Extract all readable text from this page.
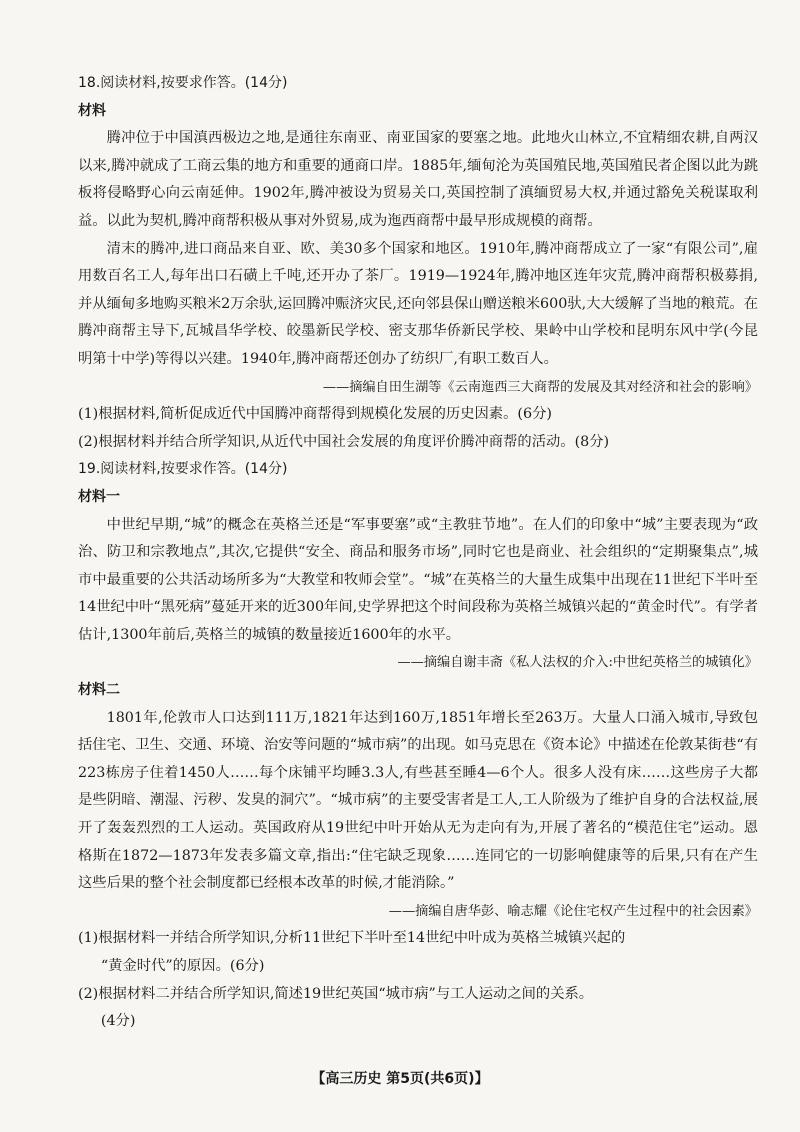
18.阅读材料,按要求作答。(14分)

材料

腾冲位于中国滇西极边之地,是通往东南亚、南亚国家的要塞之地。此地火山林立,不宜精细农耕,自两汉以来,腾冲就成了工商云集的地方和重要的通商口岸。1885年,缅甸沦为英国殖民地,英国殖民者企图以此为跳板将侵略野心向云南延伸。1902年,腾冲被设为贸易关口,英国控制了滇缅贸易大权,并通过豁免关税谋取利益。以此为契机,腾冲商帮积极从事对外贸易,成为迤西商帮中最早形成规模的商帮。

清末的腾冲,进口商品来自亚、欧、美30多个国家和地区。1910年,腾冲商帮成立了一家“有限公司”,雇用数百名工人,每年出口石磺上千吨,还开办了茶厂。1919—1924年,腾冲地区连年灾荒,腾冲商帮积极募捐,并从缅甸多地购买粮米2万余驮,运回腾冲赈济灾民,还向邻县保山赠送粮米600驮,大大缓解了当地的粮荒。在腾冲商帮主导下,瓦城昌华学校、皎墨新民学校、密支那华侨新民学校、果岭中山学校和昆明东风中学(今昆明第十中学)等得以兴建。1940年,腾冲商帮还创办了纺织厂,有职工数百人。

——摘编自田生湖等《云南迤西三大商帮的发展及其对经济和社会的影响》

(1)根据材料,简析促成近代中国腾冲商帮得到规模化发展的历史因素。(6分)

(2)根据材料并结合所学知识,从近代中国社会发展的角度评价腾冲商帮的活动。(8分)

19.阅读材料,按要求作答。(14分)

材料一

中世纪早期,“城”的概念在英格兰还是“军事要塞”或“主教驻节地”。在人们的印象中“城”主要表现为“政治、防卫和宗教地点”,其次,它提供“安全、商品和服务市场”,同时它也是商业、社会组织的“定期聚集点”,城市中最重要的公共活动场所多为“大教堂和牧师会堂”。“城”在英格兰的大量生成集中出现在11世纪下半叶至14世纪中叶“黑死病”蔓延开来的近300年间,史学界把这个时间段称为英格兰城镇兴起的“黄金时代”。有学者估计,1300年前后,英格兰的城镇的数量接近1600年的水平。

——摘编自谢丰斋《私人法权的介入:中世纪英格兰的城镇化》

材料二

1801年,伦敦市人口达到111万,1821年达到160万,1851年增长至263万。大量人口涌入城市,导致包括住宅、卫生、交通、环境、治安等问题的“城市病”的出现。如马克思在《资本论》中描述在伦敦某街巷“有223栋房子住着1450人……每个床铺平均睡3.3人,有些甚至睡4—6个人。很多人没有床……这些房子大都是些阴暗、潮湿、污秽、发臭的洞穴”。“城市病”的主要受害者是工人,工人阶级为了维护自身的合法权益,展开了轰轰烈烈的工人运动。英国政府从19世纪中叶开始从无为走向有为,开展了著名的“模范住宅”运动。恩格斯在1872—1873年发表多篇文章,指出:“住宅缺乏现象……连同它的一切影响健康等的后果,只有在产生这些后果的整个社会制度都已经根本改革的时候,才能消除。”

——摘编自唐华彭、喻志耀《论住宅权产生过程中的社会因素》

(1)根据材料一并结合所学知识,分析11世纪下半叶至14世纪中叶成为英格兰城镇兴起的

“黄金时代”的原因。(6分)

(2)根据材料二并结合所学知识,简述19世纪英国“城市病”与工人运动之间的关系。

(4分)

【高三历史 第5页(共6页)】
